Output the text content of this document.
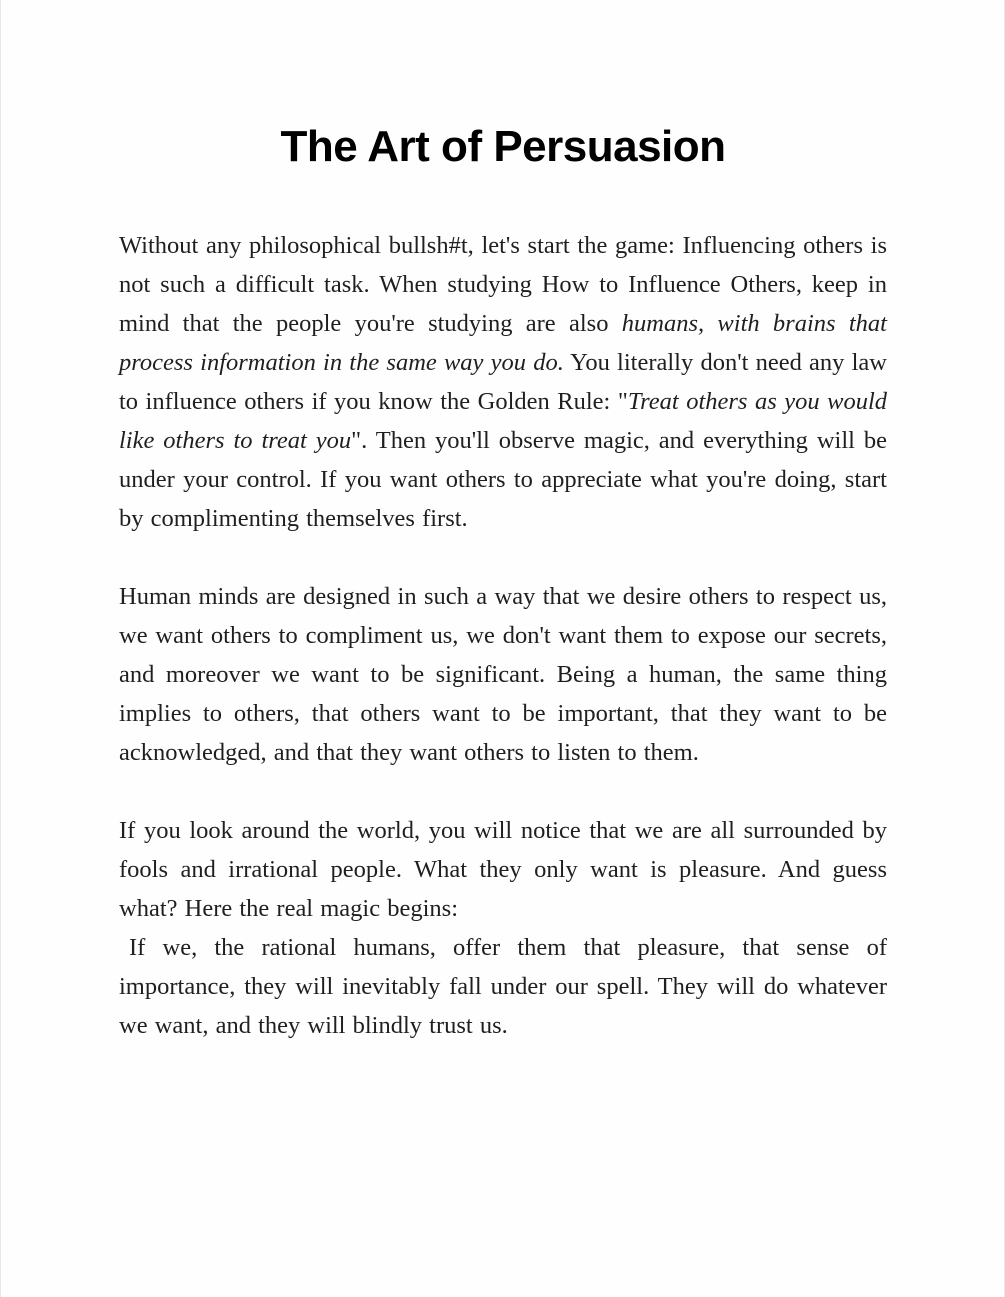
The Art of Persuasion

Without any philosophical bullsh#t, let's start the game: Influencing others is not such a difficult task. When studying How to Influence Others, keep in mind that the people you're studying are also humans, with brains that process information in the same way you do. You literally don't need any law to influence others if you know the Golden Rule: "Treat others as you would like others to treat you". Then you'll observe magic, and everything will be under your control. If you want others to appreciate what you're doing, start by complimenting themselves first.

Human minds are designed in such a way that we desire others to respect us, we want others to compliment us, we don't want them to expose our secrets, and moreover we want to be significant. Being a human, the same thing implies to others, that others want to be important, that they want to be acknowledged, and that they want others to listen to them.

If you look around the world, you will notice that we are all surrounded by fools and irrational people. What they only want is pleasure. And guess what? Here the real magic begins:

If we, the rational humans, offer them that pleasure, that sense of importance, they will inevitably fall under our spell. They will do whatever we want, and they will blindly trust us.
